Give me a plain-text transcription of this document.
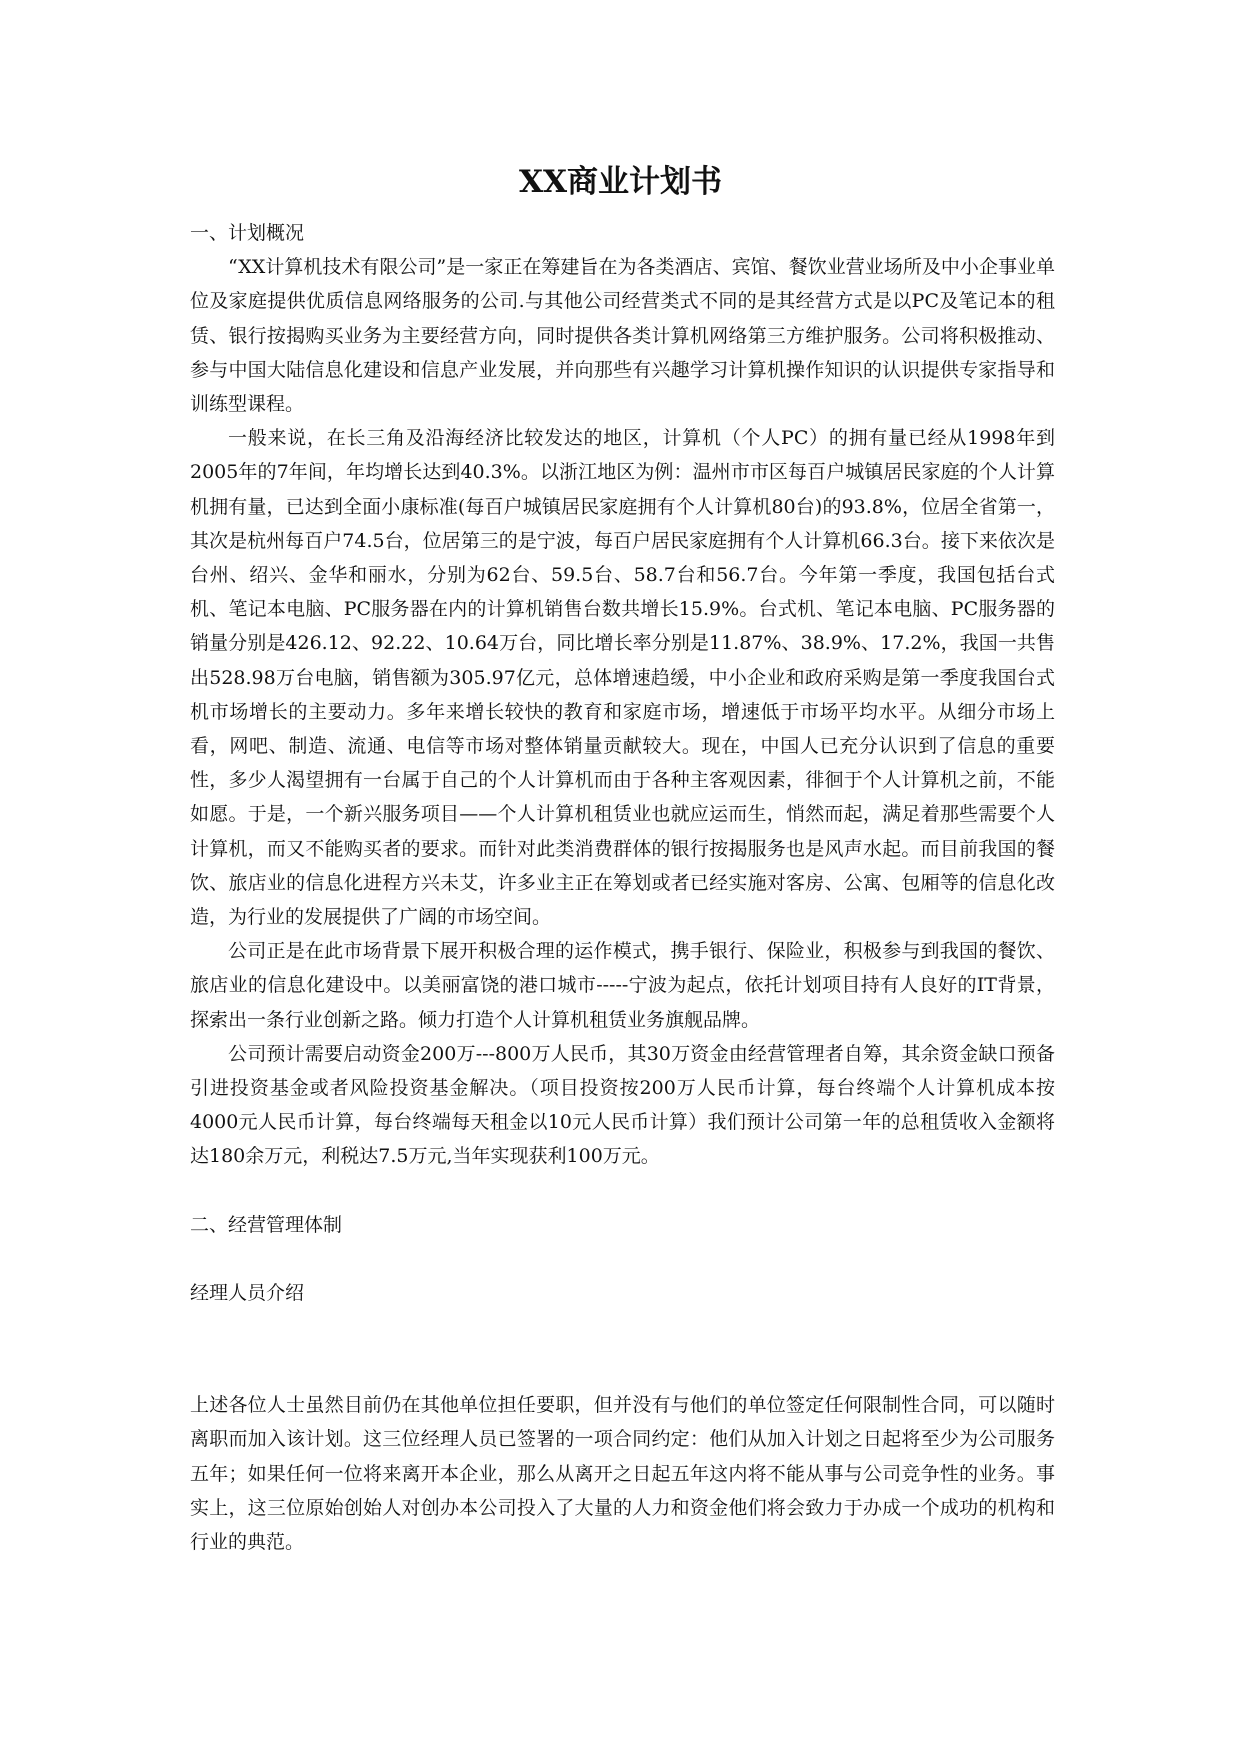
XX商业计划书

一、计划概况

“XX计算机技术有限公司”是一家正在筹建旨在为各类酒店、宾馆、餐饮业营业场所及中小企事业单位及家庭提供优质信息网络服务的公司.与其他公司经营类式不同的是其经营方式是以PC及笔记本的租赁、银行按揭购买业务为主要经营方向，同时提供各类计算机网络第三方维护服务。公司将积极推动、参与中国大陆信息化建设和信息产业发展，并向那些有兴趣学习计算机操作知识的认识提供专家指导和训练型课程。

一般来说，在长三角及沿海经济比较发达的地区，计算机（个人PC）的拥有量已经从1998年到2005年的7年间，年均增长达到40.3%。以浙江地区为例：温州市市区每百户城镇居民家庭的个人计算机拥有量，已达到全面小康标准(每百户城镇居民家庭拥有个人计算机80台)的93.8%，位居全省第一，其次是杭州每百户74.5台，位居第三的是宁波，每百户居民家庭拥有个人计算机66.3台。接下来依次是台州、绍兴、金华和丽水，分别为62台、59.5台、58.7台和56.7台。今年第一季度，我国包括台式机、笔记本电脑、PC服务器在内的计算机销售台数共增长15.9%。台式机、笔记本电脑、PC服务器的销量分别是426.12、92.22、10.64万台，同比增长率分别是11.87%、38.9%、17.2%，我国一共售出528.98万台电脑，销售额为305.97亿元，总体增速趋缓，中小企业和政府采购是第一季度我国台式机市场增长的主要动力。多年来增长较快的教育和家庭市场，增速低于市场平均水平。从细分市场上看，网吧、制造、流通、电信等市场对整体销量贡献较大。现在，中国人已充分认识到了信息的重要性，多少人渴望拥有一台属于自己的个人计算机而由于各种主客观因素，徘徊于个人计算机之前，不能如愿。于是，一个新兴服务项目——个人计算机租赁业也就应运而生，悄然而起，满足着那些需要个人计算机，而又不能购买者的要求。而针对此类消费群体的银行按揭服务也是风声水起。而目前我国的餐饮、旅店业的信息化进程方兴未艾，许多业主正在筹划或者已经实施对客房、公寓、包厢等的信息化改造，为行业的发展提供了广阔的市场空间。

公司正是在此市场背景下展开积极合理的运作模式，携手银行、保险业，积极参与到我国的餐饮、旅店业的信息化建设中。以美丽富饶的港口城市-----宁波为起点，依托计划项目持有人良好的IT背景，探索出一条行业创新之路。倾力打造个人计算机租赁业务旗舰品牌。

公司预计需要启动资金200万---800万人民币，其30万资金由经营管理者自筹，其余资金缺口预备引进投资基金或者风险投资基金解决。（项目投资按200万人民币计算，每台终端个人计算机成本按4000元人民币计算，每台终端每天租金以10元人民币计算）我们预计公司第一年的总租赁收入金额将达180余万元，利税达7.5万元,当年实现获利100万元。

二、经营管理体制

经理人员介绍

上述各位人士虽然目前仍在其他单位担任要职，但并没有与他们的单位签定任何限制性合同，可以随时离职而加入该计划。这三位经理人员已签署的一项合同约定：他们从加入计划之日起将至少为公司服务五年；如果任何一位将来离开本企业，那么从离开之日起五年这内将不能从事与公司竞争性的业务。事实上，这三位原始创始人对创办本公司投入了大量的人力和资金他们将会致力于办成一个成功的机构和行业的典范。
